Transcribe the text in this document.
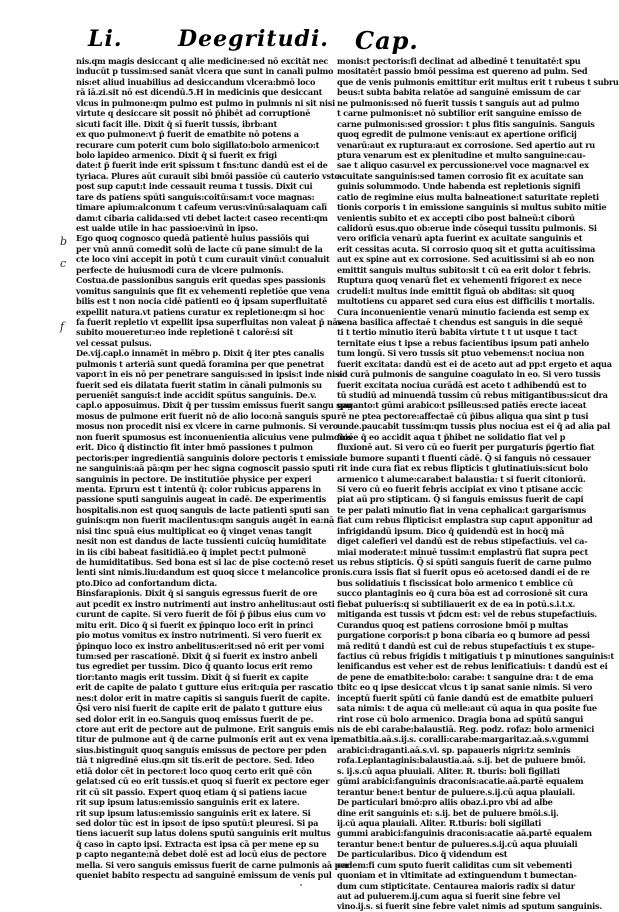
Li.	Deegritudi. Cap.
b
c
f
nis.qm magis desiccant q alie medicine:sed nō excitāt nec
inducūt p tussim:sed sanāt vlcera que sunt in canali pulmo
nis:et aliud inuabilius ad desiccandum vlcera:bmō loco
rā iā.zi.sit nō est dicendū.5.H in medicinis que desiccant
vlcus in pulmone:qm pulmo est pulmo in pulmnis ni sit nisi
virtute q desiccare sit possit nō p̄hibēt ad corruptionē
sicuti facit ille. Dixit q̄ sī fuerit tussis, ibrb:ant
ex quo pulmone:vt p̄ fuerit de ematbite nō potens a
recurare cum poterit cum bolo sigillato:bolo armenico:t
bolo lapideo armenico. Dixit q̄ si fuerit ex frigi
date:t p̄ fuerit inde erit spissum t fns:tunc dandū est ei de
tyriaca. Plures aūt curauit sibi bmōi passiōe cū cauterio vsto
post sup caput:t inde cessauit reuma t tussis. Dixit cui
tare ds patiens spūti sanguis:coitū:sam:t voce magnas:
timare apium:alconum t cafeum verus:vinū:salaquam calī
dam:t cibaria calida:sed vti debet lacte:t caseo recenti:qm
est ualde utile in hac passioe:vinū in ipso.
Ego quoq cognosco quedā patientē huius passiōis qui
per vnū annū comedit solū de lacte cū pane simul:t de la
cte loco vini accepit in potū t cum curauit vinū:t conualuit
perfecte de huiusmodi cura de vlcere pulmonis.
Costua.de passionibus sanguis erit quedas spes passionis
vomitus sanguinis que fit ex vehementi repletiōe que vena
bilis est t non nocia cidē patienti eo q̄ ipsam superfluitatē
expellit natura.vt patiens curatur ex repletione:qm si hoc
fa fuerit repletio vt expellit ipsa superfluitas non valeat p̄ nās
subito moueretur:eo inde repletionē t calorē:si sit
vel cessat pulsus.
De.vij.capl.o innamēt in mēbro p. Dixit q̄ iter ptes canalis
pulmonis t arteriā sunt quedā foramina per que penetrat
vapor:t in eis nō per penetrare sanguis:sed in ipsis:t inde nisi
fuerit sed eis dilatata fuerit statim in cānali pulmonis su
perueniēt sanguis:t inde accidit spūtus sanguinis. De.v.
capl.o apposuimus. Dixit q̄ per tussim emissus fuerit sangu spu
mosus de pulmone erit fuerit nō de alio loco:nā sanguis spu
mosus non procedit nisi ex vlcere in carne pulmonis. Si vero
non fuerit spumosus est inconuenientia alicuius vene pulmonis
erit. Dico q̄ distinctio fit inter bmō passiones t pulmon
pectoris:per ingredientiā sanguinis dolore pectoris t emissio
ne sanguinis:aā pā:qm per hec signa cognoscit passio sputi
sanguinis in pectore. De institutiōe physice per experi
menta. Epruru est t intentū q̄: color rubicus apparens in
passione sputi sanguinis augeat in cadē. De experimentis
hospitalis.non est quoq sanguis de lacte patienti sputi san
guinis:qm non fuerit macilentus:qm sanguis augēt in ea:nā
nisi tinc spuā eius multiplicat eo q̄ vinget venas tangit
nesit non est dandus de lacte tussienti cuicūq humiditate
in iis cibi babeat fasitidiā.eo q̄ implet pect:t pulmonē
de humiditatibus. Sed bona est si lac de pise cocte:nō reset
lenti sint nimis.liu:dandum est quoq sicce t melancolice pro
pto.Dico ad confortandum dicta.
Binsfarapionis. Dixit q̄ si sanguis egressus fuerit de ore
aut pcedit ex instro nutrimenti aut instro anhelitus:aut osti
curunt de capite. Si vero fuerit de fōi p̄ p̄ibus eius cum vo
mitu erit. Dico q̄ si fuerit ex p̄pinquo loco erit in princi
pio motus vomitus ex instro nutrimenti. Si vero fuerit ex
p̄pinquo loco ex instro anbelitus:erit:sed nō erit per vomi
tum:sed per rascationē. Dixit q̄ si fuerit ex instro anbeli
tus egrediet per tussim. Dico q̄ quanto locus erit remo
tior:tanto magis erit tussim. Dixit q̄ si fuerit ex capite
erit de capite de palato t gutture eius erit:quia per rascatio
nes:t dolor erit in matre capitis si sanguis fuerit de capite.
Q̄si vero nisi fuerit de capite erit de palato t gutture eius
sed dolor erit in eo.Sanguis quoq emissus fuerit de pe.
ctore aut erit de pectore aut de pulmone. Erit sanguis emis
titur de pulmone aut q̄ de carne pulmonis erit aut ex vena ip
sius.bistinguit quoq sanguis emissus de pectore per pden
tiā t nigredinē eius.qm sit tis.erit de pectore. Sed. Ideo
etiā dolor cēt in pectore:t loco quoq certo erit quē cōn
gelat:sed cū eo erit tussis.et quoq si fuerit ex pectore eger
rit cū sit passio. Expert quoq etiam q̄ si patiens iacue
rit sup ipsum latus:emissio sanguinis erit ex latere.
rit sup ipsum latus:emissio sanguinis erit ex latere. Si
sed dolor tūc est in ipso:t de ipso sputū:t pleuresi. Si pa
tiens iacuerit sup latus dolens sputū sanguinis erit multus
q̄ caso in capto ipsi. Extracta est ipsa cā per mene ep su
p capto negante:nā debet dolē est ad locū eius de pectore
mella. Si vero sanguis emissus fuerit de carne pulmonis aā per
queniet babito respectu ad sanguinē emissum de venis pul
monis:t pectoris:fi declinat ad albedinē t tenuitatē:t spu
mositatē:t passio bmōi pessima est quereno ad pulm. Sed
que de venis pulmonis emittitur erit multus erit t rubeus t subru
beus:t subta babita relatōe ad sanguinē emissum de car
ne pulmonis:sed nō fuerit tussis t sanguis aut ad pulmo
t carne pulmonis:et nō subtilior erit sanguine emisso de
carne pulmonis:sed grossior: t plus fitis sanguinis. Sanguis
quoq egredit de pulmone venis:aut ex apertione orificij
venarū:aut ex ruptura:aut ex corrosione. Sed apertio aut ru
ptura venarum est ex plenitudine et multo sanguine:cau-
sae t aliquo casu:vel ex percussione:vel voce magna:vel ex
acuitate sanguinis:sed tamen corrosio fit ex acuitate san
guinis solummodo. Unde habenda est repletionis signifi
catio de regimine eius multa balneatione:t saturitate repleti
tionis corporis t in emissione sanguinis si multus subito mitie
venientis subito et ex accepti cibo post balneū:t ciborū
calidorū esus.quo ob:erue inde cōsequi tussitu pulmonis. Si
vero orificia venarū apta fuerint ex acuitate sanguinis et
erit cessitas acuta. Si corrosio quoq sit et gutta acuitissima
aut ex spine aut ex corrosione. Sed acuitissimi si ab eo non
emittit sanguis multus subito:sit t cū ea erit dolor t febris.
Ruptura quoq venarū fiet ex vehementi frigore:t ex nece
crudeli:t multus inde emittit figuā ob abditas: sit quoq
multotiens cu apparet sed cura eius est difficilis t mortalis.
Cura inconuenientie venarū minutio facienda est semp ex
vena basilica affectaē t chendus est sanguis in die sequē
ti t tertio minutio iterū babita virtute t t ut usque t tact
ternitate eius t ipse a rebus facientibus ipsum pati anhelo
tum longū. Si vero tussis sit ptuo vebemens:t nociua non
fuerit excitata: dandū est ei de aceto aut ad pp:t ergeto et aqua
ad curā pulmonis de sanguine coagulato in eo. Si vero tussis
fuerit excitata nociua curādā est aceto t adhibendū est to
tū studiū ad minuendā tussim cū rebus mitigantibus:sicut dra
gaganto:t gūmi arabico:t psilleus:sed patiēs erecte iaceat
rē ne ptea pectore:affectaē cū p̄ibus aliqua qua sint p tusi
unde.paucabit tussim:qm tussis plus nociua est ei q̄ ad alia pal
fioēe q̄ eo accidit aqua t p̄hibet ne solidatio fiat vel p
fluxionē aut. Si vero cū eo fuerit per purgaturis p̄gertio fiat
de bumore supanti t fluenti cādē. Q̄ si fanguis nō cessauer
rit inde cura fiat ex rebus flipticis t glutinatiuis:sicut bolo
armenico t alume:carabe:t balaustia: t si fuerit citoniorū.
Si vero cū eo fuerit febris accipiat ex vino t ptisane accic
piat aū pro stipticam. Q̄ si fanguis emissus fuerit de capi
te per palati minutio fiat in vena cephalica:t gargarismus
fiat cum rebus flipticis:t emplastra sup caput apponitur ad
infrigidandū ipsum. Dico q̄ quidendū est in hocq̄ mā
diget calefieri vel dandū est de rebus stipefactiuis. vel ca-
miai moderate:t minuē tussim:t emplastrū fiat supra pect
us rebus stipticis. Q̄ si spūti sanguis fuerit de carne pulmo
nis.cura issis fiat si fuerit opus eō aceto:sed dandi ei de re
bus solidatiuis t fiscissicat bolo armenico t emblice cū
succo plantaginis eo q̄ cura bōa est ad corrosionē sit cura
fiebat pulueris:q si subtiliauerit ex de ea in potū.s.i.t.x.
mitiganda est tussis vt p̄dcm est: vel de rebus stupefactiuis.
Curandus quoq est patiens corrosione bmōi p multas
purgatione corporis:t p bona cibaria eo q bumore ad pessi
mā reditū t dandū est cui de rebus stupefactiuis t ex stupe-
factius cū rebus frigidis t mitigatiuis t p minutiones sanguinis:t
lenificandus est veher est de rebus lenificatiuis: t dandū est ei
de pene de ematbite:bolo: carabe: t sanguine dra: t de ema
tbitc eo q ipse desiccat vlcus t ip sanat sanie nimis. Si vero
inceptū fuerit spūti cū fanie dandū est de ematbite pulueri
sata nimis: t de aqua cū melle:aut cū aqua in qua posite fue
rint rose cū bolo armenico. Dragia bona ad spūtū sangui
nis de ebi carabe:balaustiā. Reg. podz. rofaz: bolo armenici
ematbitia.aā.s.ij.s. coralli:carabe:margaritaz.aā.s.v.gummi
arabici:draganti.aā.s.vi. sp. papaueris nigri:tz seminis
rofa.Leplantaginis:balaustia.aā. s.ij. bet de puluere bmōi.
s. ij.s.cū aqua pluuiali. Aliter. R. tburis: boli figillati
gūmi arabici:fanguinis draconis:acatie.aā.partē equalem
terantur bene:t bentur de puluere.s.ij.cū aqua plauiali.
De particulari bmō:pro aliis obaz.i.pro vbi ad albe
dine erit sanguinis et: s.ij. bet de puluere bmōi.s.ij.
ij.cū aqua plauiali. Aliter. R.tburis: boli sigillati
gummi arabici:fanguinis draconis:acatie aā.partē equalem
terantur bene:t bentur de pulueres.s.ij.cū aqua pluuiali
De particularibus. Dico q̄ videndum est
cadem:fi cum sputo fuerit caliditas cum sit vebementi
quoniam et in vltimitate ad extinguendum t bumectan-
dum cum stipticitate. Centaurea maioris radix si datur
aut ad puluerem.ij.cum aqua si fuerit sine febre vel
vino.ij.s. si fuerit sine febre valet nimis ad sputum sanguinis.
